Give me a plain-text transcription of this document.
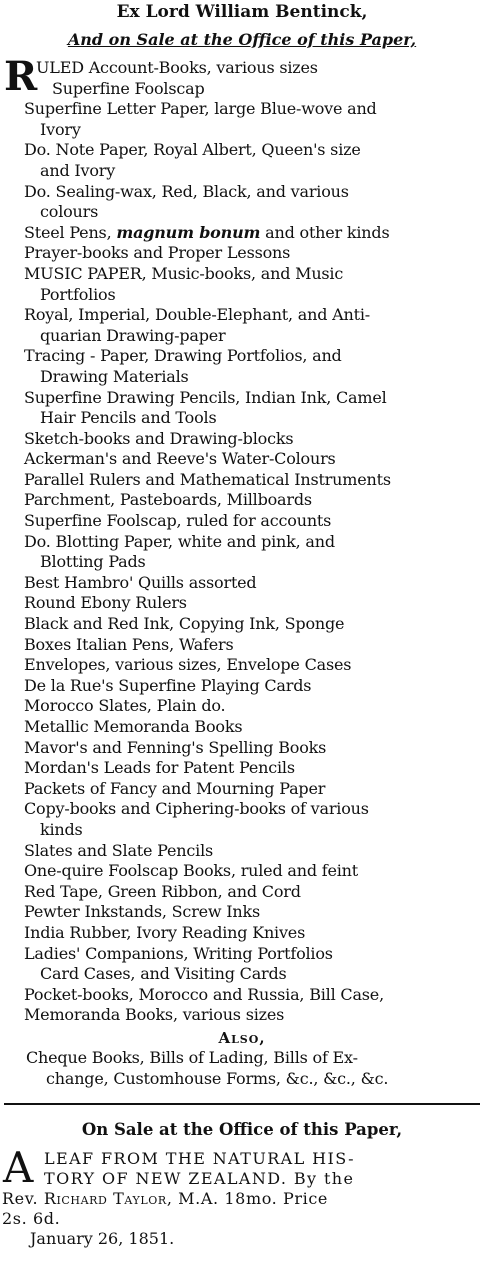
Ex Lord William Bentinck,
And on Sale at the Office of this Paper,
R
ULED Account-Books, various sizes
Superfine Foolscap
Superfine Letter Paper, large Blue-wove and
Ivory
Do. Note Paper, Royal Albert, Queen's size
and Ivory
Do. Sealing-wax, Red, Black, and various
colours
Steel Pens, magnum bonum and other kinds
Prayer-books and Proper Lessons
MUSIC PAPER, Music-books, and Music
Portfolios
Royal, Imperial, Double-Elephant, and Anti-
quarian Drawing-paper
Tracing - Paper, Drawing Portfolios, and
Drawing Materials
Superfine Drawing Pencils, Indian Ink, Camel
Hair Pencils and Tools
Sketch-books and Drawing-blocks
Ackerman's and Reeve's Water-Colours
Parallel Rulers and Mathematical Instruments
Parchment, Pasteboards, Millboards
Superfine Foolscap, ruled for accounts
Do. Blotting Paper, white and pink, and
Blotting Pads
Best Hambro' Quills assorted
Round Ebony Rulers
Black and Red Ink, Copying Ink, Sponge
Boxes Italian Pens, Wafers
Envelopes, various sizes, Envelope Cases
De la Rue's Superfine Playing Cards
Morocco Slates, Plain do.
Metallic Memoranda Books
Mavor's and Fenning's Spelling Books
Mordan's Leads for Patent Pencils
Packets of Fancy and Mourning Paper
Copy-books and Ciphering-books of various
kinds
Slates and Slate Pencils
One-quire Foolscap Books, ruled and feint
Red Tape, Green Ribbon, and Cord
Pewter Inkstands, Screw Inks
India Rubber, Ivory Reading Knives
Ladies' Companions, Writing Portfolios
Card Cases, and Visiting Cards
Pocket-books, Morocco and Russia, Bill Case,
Memoranda Books, various sizes
Also,
Cheque Books, Bills of Lading, Bills of Ex-
change, Customhouse Forms, &c., &c., &c.
On Sale at the Office of this Paper,
A LEAF FROM THE NATURAL HIS-
TORY OF NEW ZEALAND. By the
Rev. Richard Taylor, M.A. 18mo. Price
2s. 6d.
January 26, 1851.
